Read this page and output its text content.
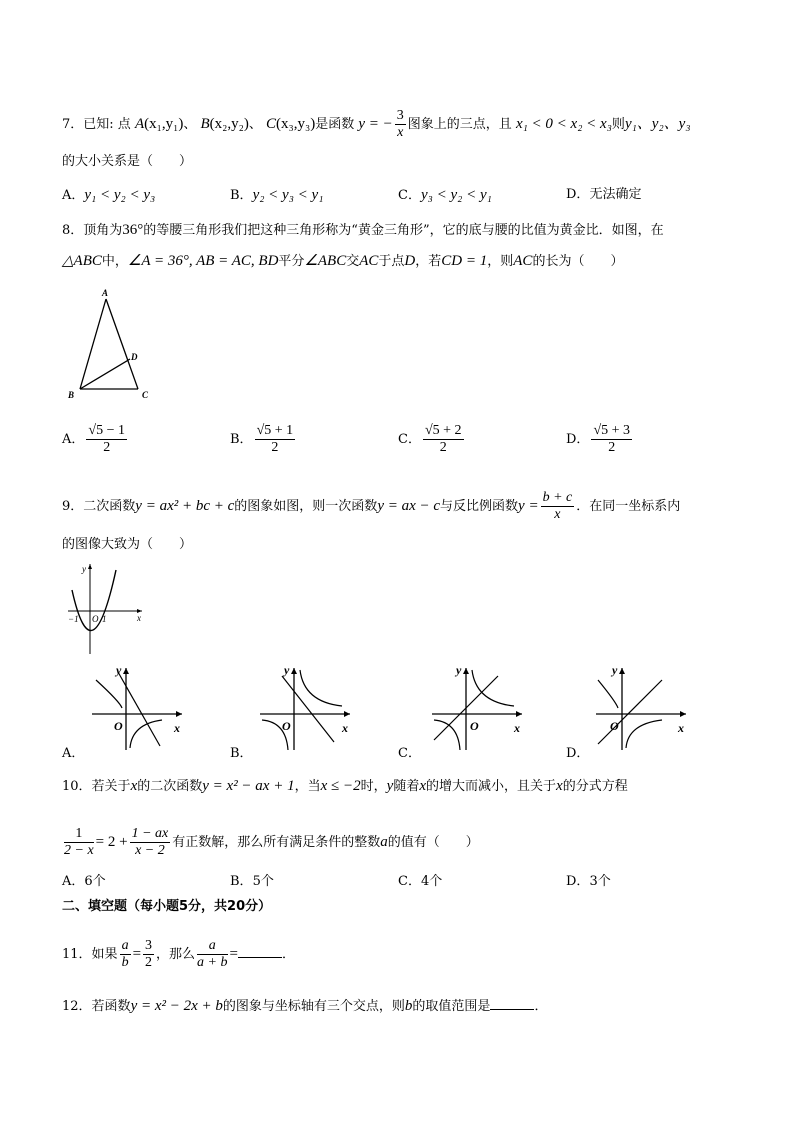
7．已知: 点 A(x₁,y₁)、 B(x₂,y₂)、 C(x₃,y₃)是函数 y = − $\frac{3}{x}$ 图象上的三点，且 x₁ < 0 < x₂ < x₃则y₁、y₂、y₃
的大小关系是（　　）
A．y₁ < y₂ < y₃	B．y₂ < y₃ < y₁	C．y₃ < y₂ < y₁	D．无法确定
8．顶角为36°的等腰三角形我们把这种三角形称为“黄金三角形”，它的底与腰的比值为黄金比．如图，在
△ABC中，∠A = 36°, AB = AC, BD平分∠ABC交AC于点D，若CD = 1，则AC的长为（　　）
A
D
B	C
A． $\frac{√5 - 1}{2}$	B． $\frac{√5 + 1}{2}$	C． $\frac{√5 + 2}{2}$	D． $\frac{√5 + 3}{2}$
9．二次函数y = ax² + bc + c的图象如图，则一次函数y = ax − c与反比例函数$y = \frac{b + c}{x}$ ．在同一坐标系内
的图像大致为（　　）
y
x
−1 O 1
y
x
O
A．
y
x
O
B．
y
x
O
C．
y
x
O
D．
10．若关于x的二次函数y = x² − ax + 1，当x ≤ −2时，y随着x的增大而减小，且关于x的分式方程
$\frac{1}{2 - x} = 2 + \frac{1 - ax}{x - 2}$ 有正数解，那么所有满足条件的整数a的值有（　　）
A．6个	B．5个	C．4个	D．3个
二、填空题（每小题5分，共20分）
11．如果 $\frac{a}{b} = \frac{3}{2}$ ，那么 $\frac{a}{a + b}$ =	．
12．若函数y = x² − 2x + b的图象与坐标轴有三个交点，则b的取值范围是	．
